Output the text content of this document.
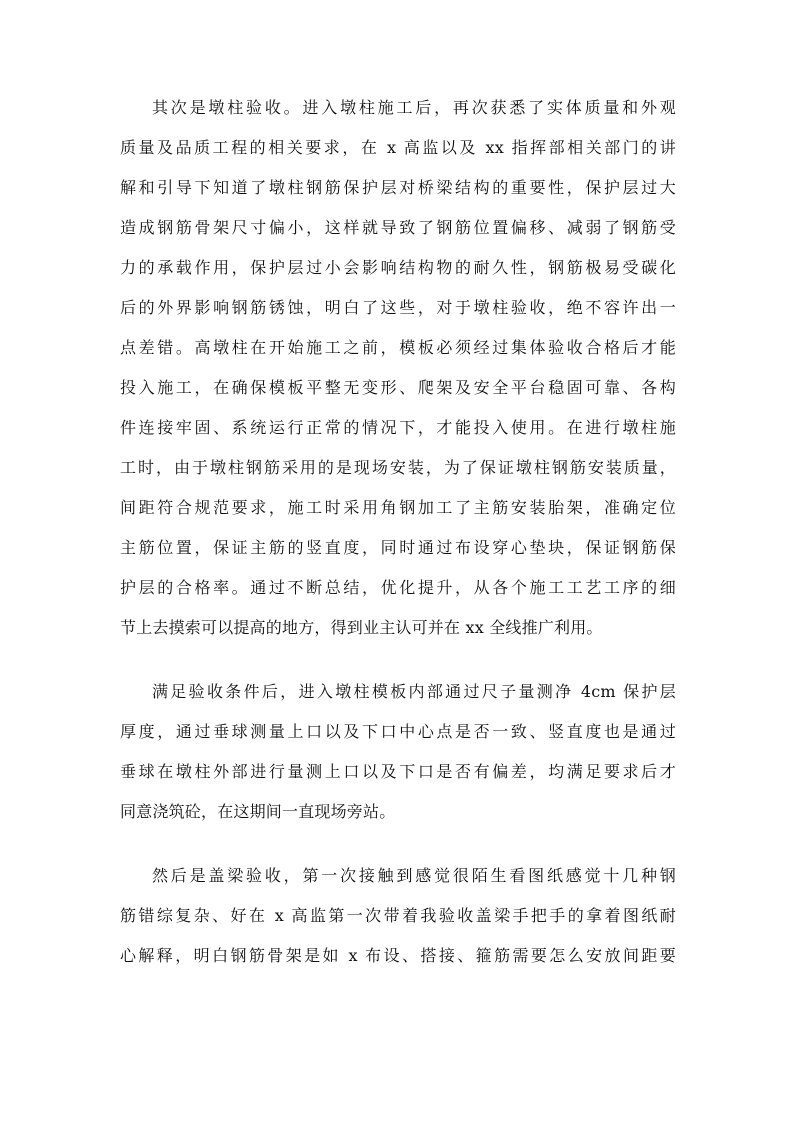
其次是墩柱验收。进入墩柱施工后，再次获悉了实体质量和外观
质量及品质工程的相关要求，在 x 高监以及 xx 指挥部相关部门的讲
解和引导下知道了墩柱钢筋保护层对桥梁结构的重要性，保护层过大
造成钢筋骨架尺寸偏小，这样就导致了钢筋位置偏移、减弱了钢筋受
力的承载作用，保护层过小会影响结构物的耐久性，钢筋极易受碳化
后的外界影响钢筋锈蚀，明白了这些，对于墩柱验收，绝不容许出一
点差错。高墩柱在开始施工之前，模板必须经过集体验收合格后才能
投入施工，在确保模板平整无变形、爬架及安全平台稳固可靠、各构
件连接牢固、系统运行正常的情况下，才能投入使用。在进行墩柱施
工时，由于墩柱钢筋采用的是现场安装，为了保证墩柱钢筋安装质量，
间距符合规范要求，施工时采用角钢加工了主筋安装胎架，准确定位
主筋位置，保证主筋的竖直度，同时通过布设穿心垫块，保证钢筋保
护层的合格率。通过不断总结，优化提升，从各个施工工艺工序的细
节上去摸索可以提高的地方，得到业主认可并在 xx 全线推广利用。
满足验收条件后，进入墩柱模板内部通过尺子量测净 4cm 保护层
厚度，通过垂球测量上口以及下口中心点是否一致、竖直度也是通过
垂球在墩柱外部进行量测上口以及下口是否有偏差，均满足要求后才
同意浇筑砼，在这期间一直现场旁站。
然后是盖梁验收，第一次接触到感觉很陌生看图纸感觉十几种钢
筋错综复杂、好在 x 高监第一次带着我验收盖梁手把手的拿着图纸耐
心解释，明白钢筋骨架是如 x 布设、搭接、箍筋需要怎么安放间距要
